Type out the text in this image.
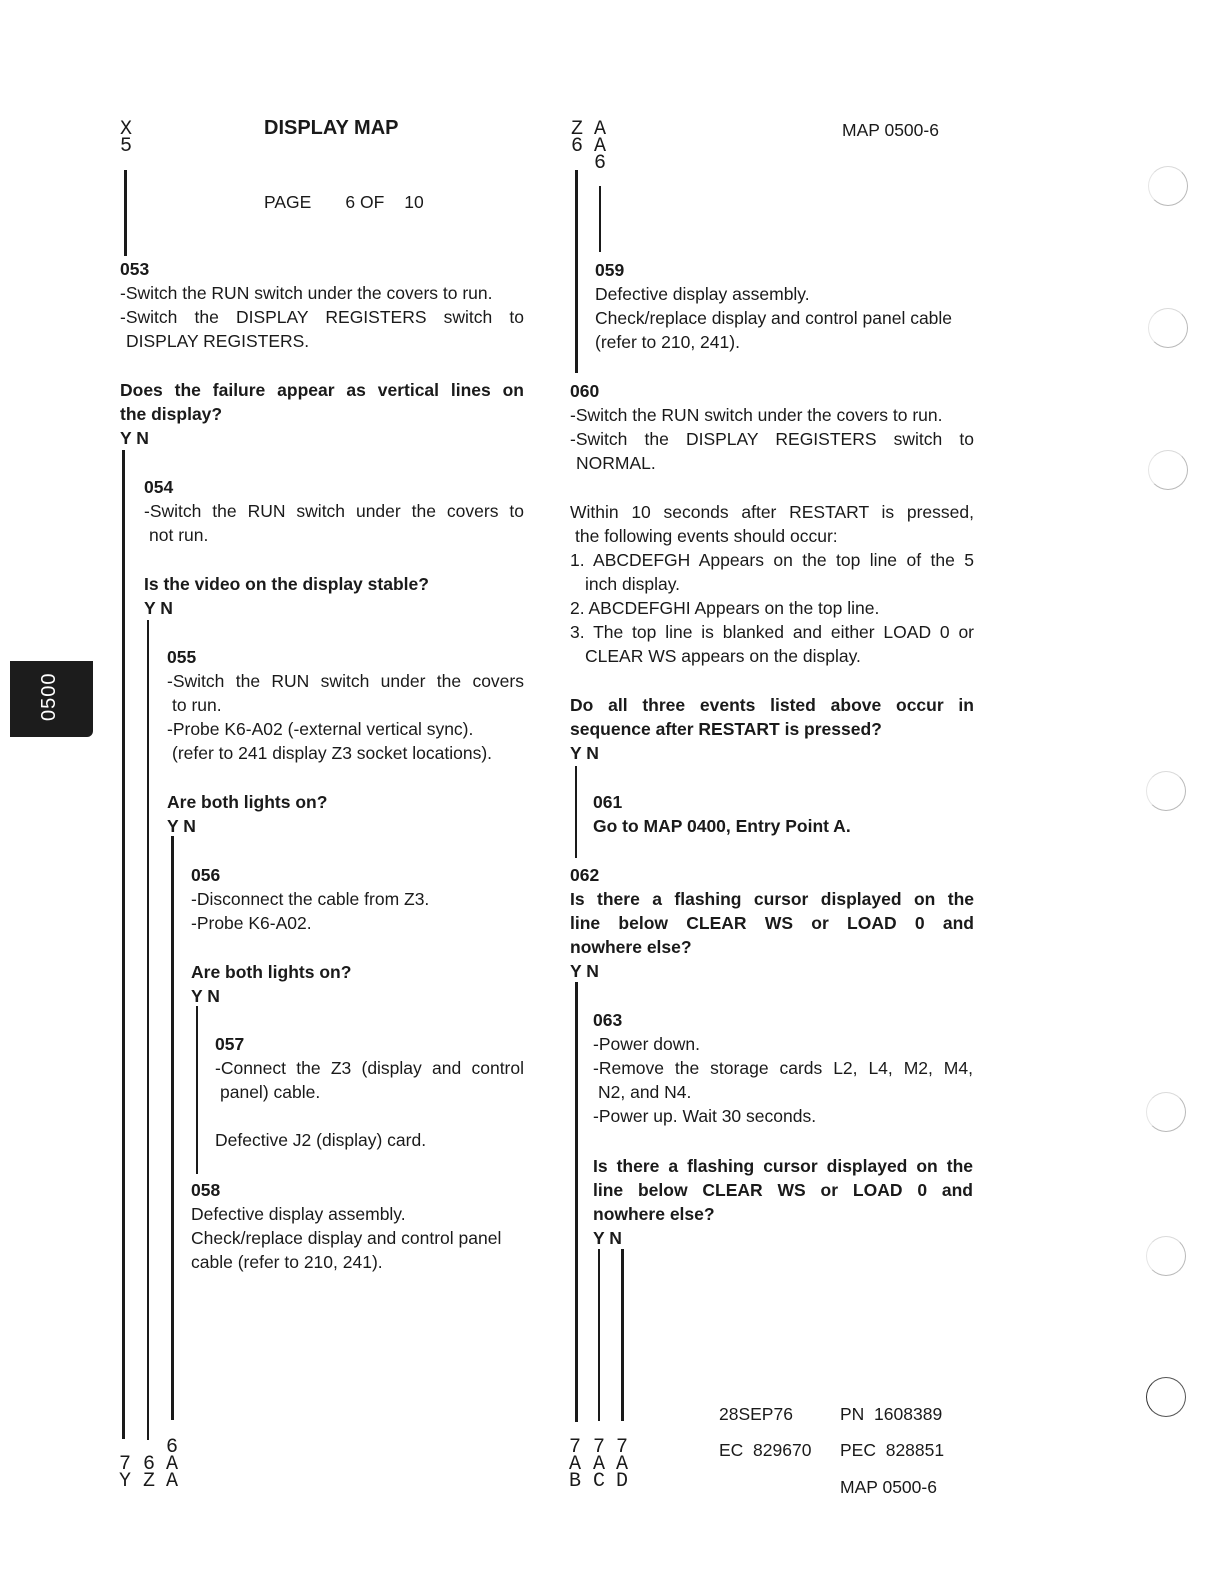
X
5
DISPLAY MAP
PAGE 6 OF 10
Z
6
A
A
6
MAP 0500-6
0500
053
-Switch the RUN switch under the covers to run.
-Switch the DISPLAY REGISTERS switch to
DISPLAY REGISTERS.
Does the failure appear as vertical lines on
the display?
Y N
054
-Switch the RUN switch under the covers to
not run.
Is the video on the display stable?
Y N
055
-Switch the RUN switch under the covers
to run.
-Probe K6-A02 (-external vertical sync).
(refer to 241 display Z3 socket locations).
Are both lights on?
Y N
056
-Disconnect the cable from Z3.
-Probe K6-A02.
Are both lights on?
Y N
057
-Connect the Z3 (display and control
panel) cable.
Defective J2 (display) card.
058
Defective display assembly.
Check/replace display and control panel
cable (refer to 210, 241).
7
Y
6
Z
6
A
A
059
Defective display assembly.
Check/replace display and control panel cable
(refer to 210, 241).
060
-Switch the RUN switch under the covers to run.
-Switch the DISPLAY REGISTERS switch to
NORMAL.
Within 10 seconds after RESTART is pressed,
the following events should occur:
1. ABCDEFGH Appears on the top line of the 5
inch display.
2. ABCDEFGHI Appears on the top line.
3. The top line is blanked and either LOAD 0 or
CLEAR WS appears on the display.
Do all three events listed above occur in
sequence after RESTART is pressed?
Y N
061
Go to MAP 0400, Entry Point A.
062
Is there a flashing cursor displayed on the
line below CLEAR WS or LOAD 0 and
nowhere else?
Y N
063
-Power down.
-Remove the storage cards L2, L4, M2, M4,
N2, and N4.
-Power up. Wait 30 seconds.
Is there a flashing cursor displayed on the
line below CLEAR WS or LOAD 0 and
nowhere else?
Y N
7
A
B
7
A
C
7
A
D
28SEP76	PN 1608389
EC 829670 PEC 828851
MAP 0500-6
